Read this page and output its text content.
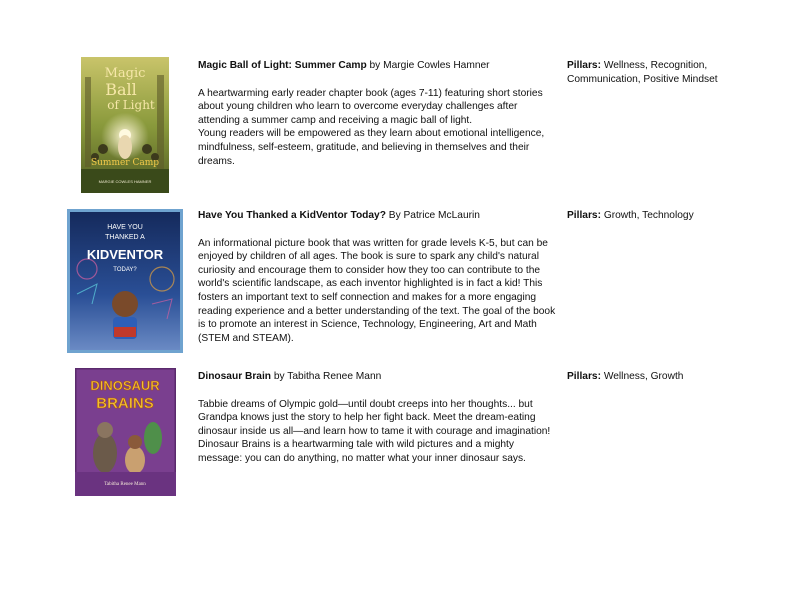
Magic
Ball
of Light
Summer Camp
MARGIE COWLES HAMNER
Magic Ball of Light: Summer Camp by Margie Cowles Hamner

A heartwarming early reader chapter book (ages 7-11) featuring short stories about young children who learn to overcome everyday challenges after attending a summer camp and receiving a magic ball of light.

Young readers will be empowered as they learn about emotional intelligence, mindfulness, self-esteem, gratitude, and believing in themselves and their dreams.

Pillars: Wellness, Recognition, Communication, Positive Mindset
HAVE YOU
THANKED A
KIDVENTOR
TODAY?
Have You Thanked a KidVentor Today? By Patrice McLaurin

An informational picture book that was written for grade levels K-5, but can be enjoyed by children of all ages. The book is sure to spark any child's natural curiosity and encourage them to consider how they too can contribute to the world's scientific landscape, as each inventor highlighted is in fact a kid! This fosters an important text to self connection and makes for a more engaging reading experience and a better understanding of the text. The goal of the book is to promote an interest in Science, Technology, Engineering, Art and Math (STEM and STEAM).

Pillars: Growth, Technology
DINOSAUR
BRAINS
Tabitha Renee Mann
Dinosaur Brain by Tabitha Renee Mann

Tabbie dreams of Olympic gold—until doubt creeps into her thoughts... but Grandpa knows just the story to help her fight back. Meet the dream-eating dinosaur inside us all—and learn how to tame it with courage and imagination! Dinosaur Brains is a heartwarming tale with wild pictures and a mighty message: you can do anything, no matter what your inner dinosaur says.

Pillars: Wellness, Growth
